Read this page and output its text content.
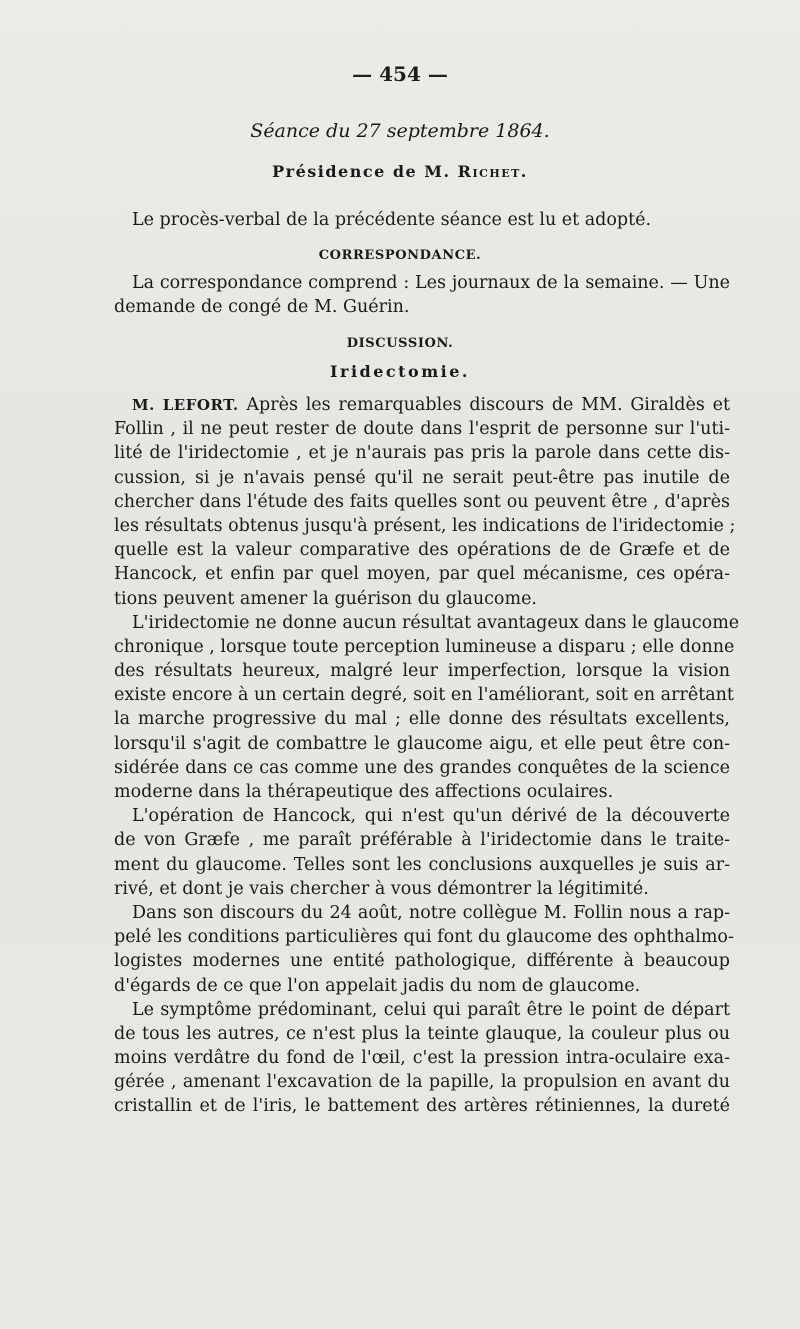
— 454 —
Séance du 27 septembre 1864.
Présidence de M. Richet.
Le procès-verbal de la précédente séance est lu et adopté.
CORRESPONDANCE.
La correspondance comprend : Les journaux de la semaine. — Une
demande de congé de M. Guérin.
DISCUSSION.
Iridectomie.
M. LEFORT. Après les remarquables discours de MM. Giraldès et
Follin , il ne peut rester de doute dans l'esprit de personne sur l'uti-
lité de l'iridectomie , et je n'aurais pas pris la parole dans cette dis-
cussion, si je n'avais pensé qu'il ne serait peut-être pas inutile de
chercher dans l'étude des faits quelles sont ou peuvent être , d'après
les résultats obtenus jusqu'à présent, les indications de l'iridectomie ;
quelle est la valeur comparative des opérations de de Græfe et de
Hancock, et enfin par quel moyen, par quel mécanisme, ces opéra-
tions peuvent amener la guérison du glaucome.
L'iridectomie ne donne aucun résultat avantageux dans le glaucome
chronique , lorsque toute perception lumineuse a disparu ; elle donne
des résultats heureux, malgré leur imperfection, lorsque la vision
existe encore à un certain degré, soit en l'améliorant, soit en arrêtant
la marche progressive du mal ; elle donne des résultats excellents,
lorsqu'il s'agit de combattre le glaucome aigu, et elle peut être con-
sidérée dans ce cas comme une des grandes conquêtes de la science
moderne dans la thérapeutique des affections oculaires.
L'opération de Hancock, qui n'est qu'un dérivé de la découverte
de von Græfe , me paraît préférable à l'iridectomie dans le traite-
ment du glaucome. Telles sont les conclusions auxquelles je suis ar-
rivé, et dont je vais chercher à vous démontrer la légitimité.
Dans son discours du 24 août, notre collègue M. Follin nous a rap-
pelé les conditions particulières qui font du glaucome des ophthalmo-
logistes modernes une entité pathologique, différente à beaucoup
d'égards de ce que l'on appelait jadis du nom de glaucome.
Le symptôme prédominant, celui qui paraît être le point de départ
de tous les autres, ce n'est plus la teinte glauque, la couleur plus ou
moins verdâtre du fond de l'œil, c'est la pression intra-oculaire exa-
gérée , amenant l'excavation de la papille, la propulsion en avant du
cristallin et de l'iris, le battement des artères rétiniennes, la dureté
